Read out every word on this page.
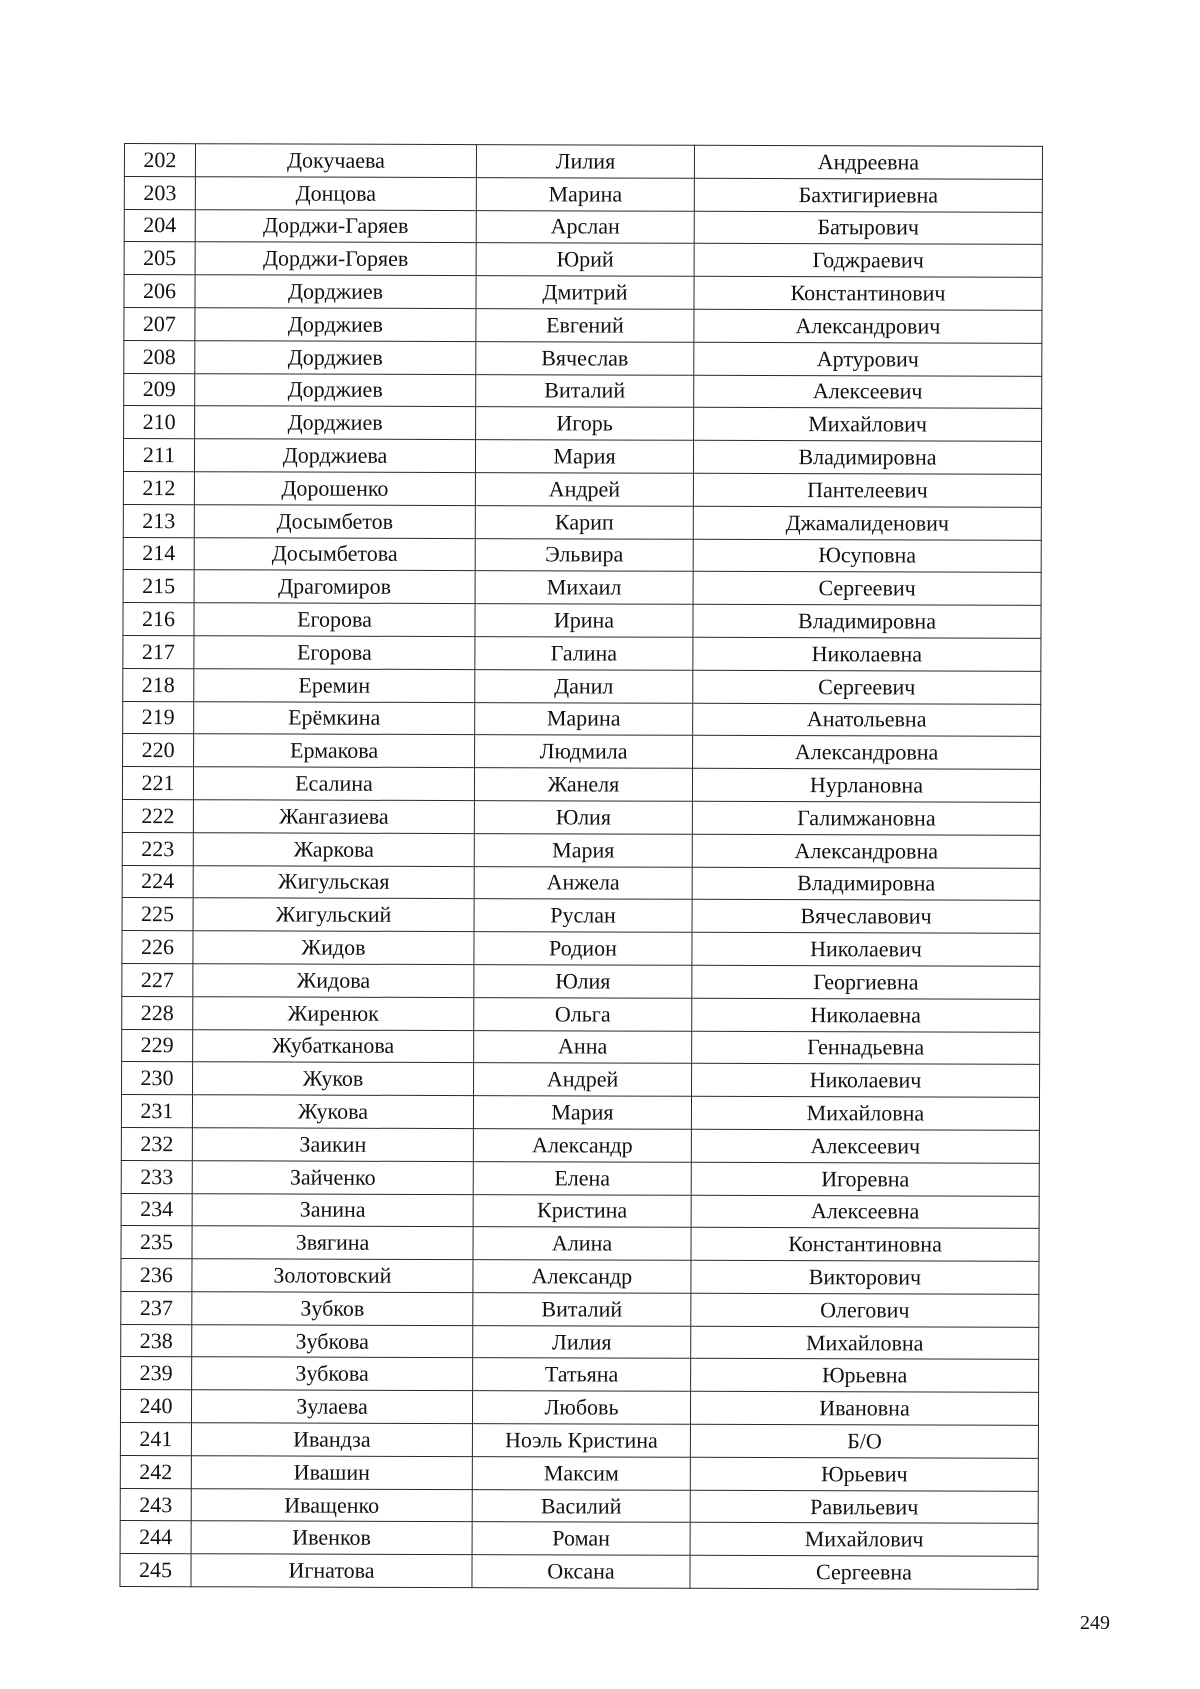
202	Докучаева	Лилия	Андреевна
203	Донцова	Марина	Бахтигириевна
204	Дорджи-Гаряев	Арслан	Батырович
205	Дорджи-Горяев	Юрий	Годжраевич
206	Дорджиев	Дмитрий	Константинович
207	Дорджиев	Евгений	Александрович
208	Дорджиев	Вячеслав	Артурович
209	Дорджиев	Виталий	Алексеевич
210	Дорджиев	Игорь	Михайлович
211	Дорджиева	Мария	Владимировна
212	Дорошенко	Андрей	Пантелеевич
213	Досымбетов	Карип	Джамалиденович
214	Досымбетова	Эльвира	Юсуповна
215	Драгомиров	Михаил	Сергеевич
216	Егорова	Ирина	Владимировна
217	Егорова	Галина	Николаевна
218	Еремин	Данил	Сергеевич
219	Ерёмкина	Марина	Анатольевна
220	Ермакова	Людмила	Александровна
221	Есалина	Жанеля	Нурлановна
222	Жангазиева	Юлия	Галимжановна
223	Жаркова	Мария	Александровна
224	Жигульская	Анжела	Владимировна
225	Жигульский	Руслан	Вячеславович
226	Жидов	Родион	Николаевич
227	Жидова	Юлия	Георгиевна
228	Жиренюк	Ольга	Николаевна
229	Жубатканова	Анна	Геннадьевна
230	Жуков	Андрей	Николаевич
231	Жукова	Мария	Михайловна
232	Заикин	Александр	Алексеевич
233	Зайченко	Елена	Игоревна
234	Занина	Кристина	Алексеевна
235	Звягина	Алина	Константиновна
236	Золотовский	Александр	Викторович
237	Зубков	Виталий	Олегович
238	Зубкова	Лилия	Михайловна
239	Зубкова	Татьяна	Юрьевна
240	Зулаева	Любовь	Ивановна
241	Ивандза	Ноэль Кристина	Б/О
242	Ивашин	Максим	Юрьевич
243	Иващенко	Василий	Равильевич
244	Ивенков	Роман	Михайлович
245	Игнатова	Оксана	Сергеевна
249
